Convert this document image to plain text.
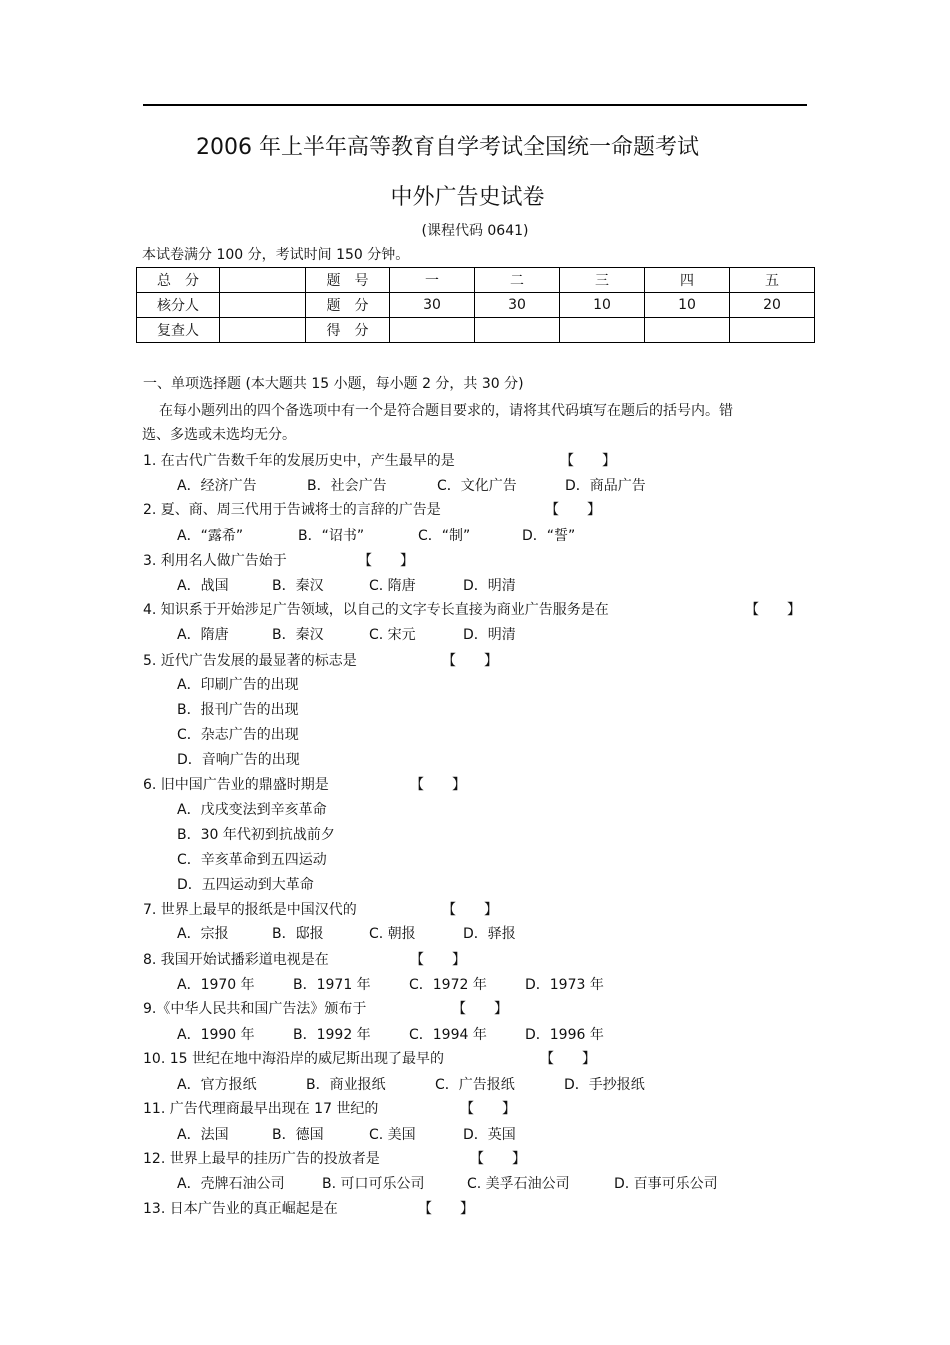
2006 年上半年高等教育自学考试全国统一命题考试
中外广告史试卷
(课程代码 0641)
本试卷满分 100 分，考试时间 150 分钟。
总　分		题　号	一	二	三	四	五
核分人		题　分	30	30	10	10	20
复查人		得　分					
一、单项选择题 (本大题共 15 小题，每小题 2 分，共 30 分)
在每小题列出的四个备选项中有一个是符合题目要求的，请将其代码填写在题后的括号内。错选、多选或未选均无分。
1. 在古代广告数千年的发展历史中，产生最早的是	【　　】
A．经济广告	B．社会广告	C．文化广告	D．商品广告
2. 夏、商、周三代用于告诫将士的言辞的广告是	【　　】
A．“露希”	B．“诏书”	C．“制”	D．“誓”
3. 利用名人做广告始于	【　　】
A．战国	B．秦汉	C. 隋唐	D．明清
4. 知识系于开始涉足广告领域，以自己的文字专长直接为商业广告服务是在	【　　】
A．隋唐	B．秦汉	C. 宋元	D．明清
5. 近代广告发展的最显著的标志是	【　　】
A．印刷广告的出现
B．报刊广告的出现
C．杂志广告的出现
D．音响广告的出现
6. 旧中国广告业的鼎盛时期是	【　　】
A．戊戌变法到辛亥革命
B．30 年代初到抗战前夕
C．辛亥革命到五四运动
D．五四运动到大革命
7. 世界上最早的报纸是中国汉代的	【　　】
A．宗报	B．邸报	C. 朝报	D．驿报
8. 我国开始试播彩道电视是在	【　　】
A．1970 年	B．1971 年	C．1972 年	D．1973 年
9.《中华人民共和国广告法》颁布于	【　　】
A．1990 年	B．1992 年	C．1994 年	D．1996 年
10. 15 世纪在地中海沿岸的威尼斯出现了最早的	【　　】
A．官方报纸	B．商业报纸	C．广告报纸	D．手抄报纸
11. 广告代理商最早出现在 17 世纪的	【　　】
A．法国	B．德国	C. 美国	D．英国
12. 世界上最早的挂历广告的投放者是	【　　】
A．壳牌石油公司	B. 可口可乐公司	C. 美孚石油公司	D. 百事可乐公司
13. 日本广告业的真正崛起是在	【　　】
